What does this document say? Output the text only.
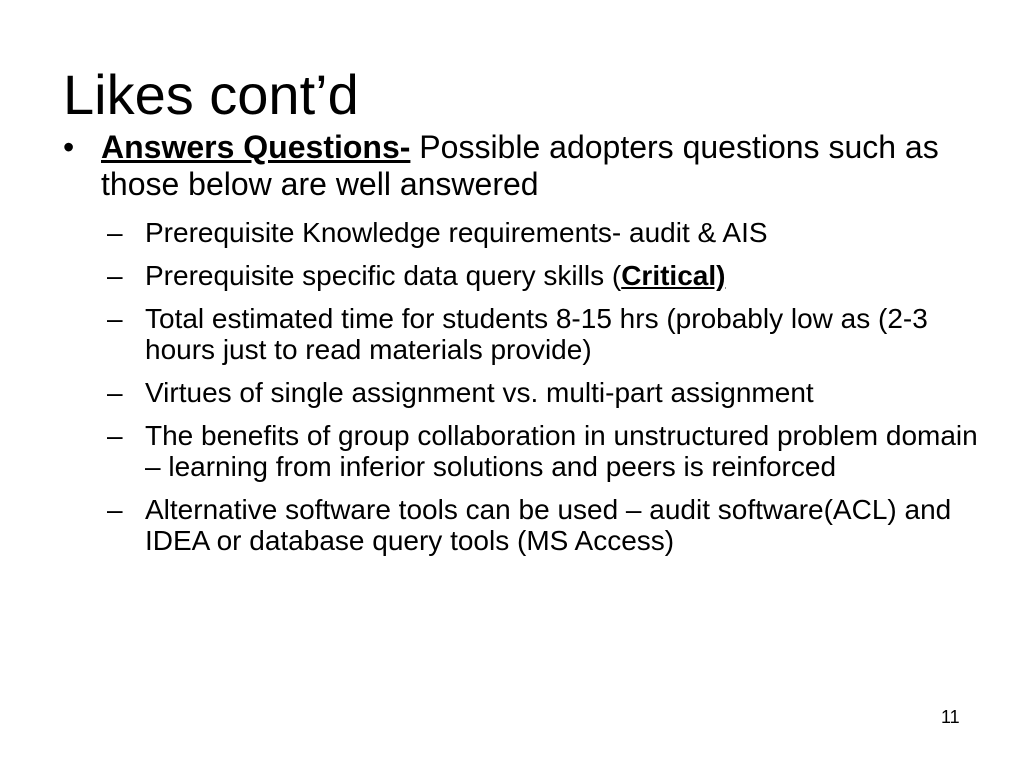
Likes cont’d
• Answers Questions- Possible adopters questions such as those below are well answered
– Prerequisite Knowledge requirements- audit & AIS
– Prerequisite specific data query skills (Critical)
– Total estimated time for students 8-15 hrs (probably low as (2-3 hours just to read materials provide)
– Virtues of single assignment vs. multi-part assignment
– The benefits of group collaboration in unstructured problem domain – learning from inferior solutions and peers is reinforced
– Alternative software tools can be used – audit software(ACL) and IDEA or database query tools (MS Access)
11
